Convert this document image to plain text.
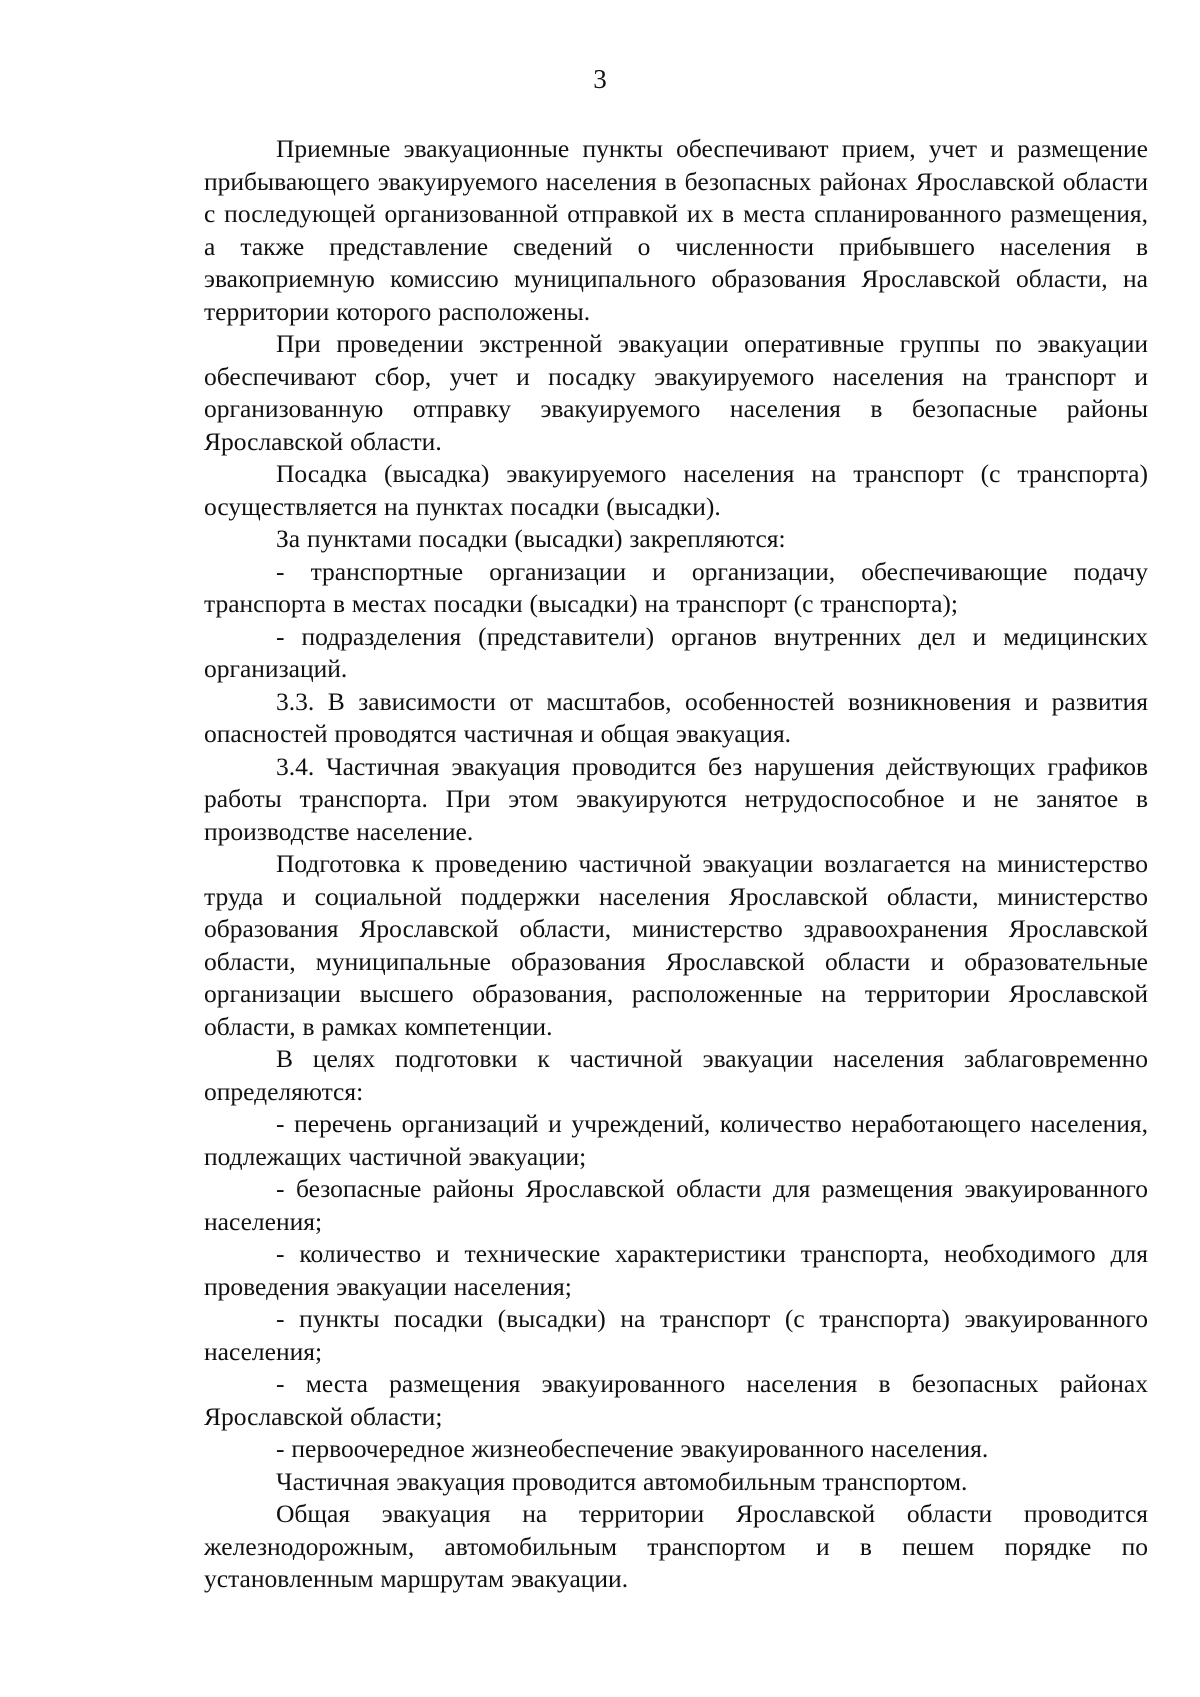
3

Приемные эвакуационные пункты обеспечивают прием, учет и размещение прибывающего эвакуируемого населения в безопасных районах Ярославской области с последующей организованной отправкой их в места спланированного размещения, а также представление сведений о численности прибывшего населения в эвакоприемную комиссию муниципального образования Ярославской области, на территории которого расположены.

При проведении экстренной эвакуации оперативные группы по эвакуации обеспечивают сбор, учет и посадку эвакуируемого населения на транспорт и организованную отправку эвакуируемого населения в безопасные районы Ярославской области.

Посадка (высадка) эвакуируемого населения на транспорт (с транспорта) осуществляется на пунктах посадки (высадки).

За пунктами посадки (высадки) закрепляются:

- транспортные организации и организации, обеспечивающие подачу транспорта в местах посадки (высадки) на транспорт (с транспорта);

- подразделения (представители) органов внутренних дел и медицинских организаций.

3.3. В зависимости от масштабов, особенностей возникновения и развития опасностей проводятся частичная и общая эвакуация.

3.4. Частичная эвакуация проводится без нарушения действующих графиков работы транспорта. При этом эвакуируются нетрудоспособное и не занятое в производстве население.

Подготовка к проведению частичной эвакуации возлагается на министерство труда и социальной поддержки населения Ярославской области, министерство образования Ярославской области, министерство здравоохранения Ярославской области, муниципальные образования Ярославской области и образовательные организации высшего образования, расположенные на территории Ярославской области, в рамках компетенции.

В целях подготовки к частичной эвакуации населения заблаговременно определяются:

- перечень организаций и учреждений, количество неработающего населения, подлежащих частичной эвакуации;

- безопасные районы Ярославской области для размещения эвакуированного населения;

- количество и технические характеристики транспорта, необходимого для проведения эвакуации населения;

- пункты посадки (высадки) на транспорт (с транспорта) эвакуированного населения;

- места размещения эвакуированного населения в безопасных районах Ярославской области;

- первоочередное жизнеобеспечение эвакуированного населения.

Частичная эвакуация проводится автомобильным транспортом.

Общая эвакуация на территории Ярославской области проводится железнодорожным, автомобильным транспортом и в пешем порядке по установленным маршрутам эвакуации.
